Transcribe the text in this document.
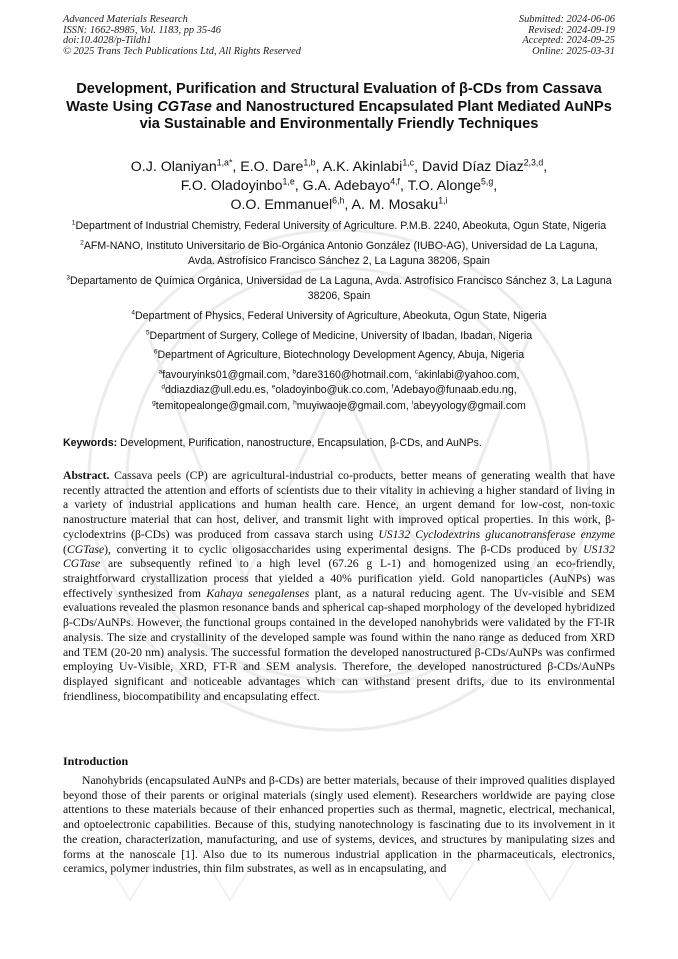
Advanced Materials Research
ISSN: 1662-8985, Vol. 1183, pp 35-46
doi:10.4028/p-Tildh1
© 2025 Trans Tech Publications Ltd, All Rights Reserved
Submitted: 2024-06-06
Revised: 2024-09-19
Accepted: 2024-09-25
Online: 2025-03-31
Development, Purification and Structural Evaluation of β-CDs from Cassava Waste Using CGTase and Nanostructured Encapsulated Plant Mediated AuNPs via Sustainable and Environmentally Friendly Techniques
O.J. Olaniyan$^{1,a*}$, E.O. Dare$^{1,b}$, A.K. Akinlabi$^{1,c}$, David Díaz Diaz$^{2,3,d}$,
F.O. Oladoyinbo$^{1,e}$, G.A. Adebayo$^{4,f}$, T.O. Alonge$^{5,g}$,
O.O. Emmanuel$^{6,h}$, A. M. Mosaku$^{1,i}$
$^1$Department of Industrial Chemistry, Federal University of Agriculture. P.M.B. 2240, Abeokuta, Ogun State, Nigeria
$^2$AFM-NANO, Instituto Universitario de Bio-Orgánica Antonio González (IUBO-AG), Universidad de La Laguna, Avda. Astrofísico Francisco Sánchez 2, La Laguna 38206, Spain
$^3$Departamento de Química Orgánica, Universidad de La Laguna, Avda. Astrofísico Francisco Sánchez 3, La Laguna 38206, Spain
$^4$Department of Physics, Federal University of Agriculture, Abeokuta, Ogun State, Nigeria
$^5$Department of Surgery, College of Medicine, University of Ibadan, Ibadan, Nigeria
$^6$Department of Agriculture, Biotechnology Development Agency, Abuja, Nigeria
$^a$favouryinks01@gmail.com, $^b$dare3160@hotmail.com, $^c$akinlabi@yahoo.com,
$^d$ddiazdiaz@ull.edu.es, $^e$oladoyinbo@uk.co.com, $^f$Adebayo@funaab.edu.ng,
$^g$temitopealonge@gmail.com, $^h$muyiwaoje@gmail.com, $^i$abeyyology@gmail.com
Keywords: Development, Purification, nanostructure, Encapsulation, β-CDs, and AuNPs.

Abstract. Cassava peels (CP) are agricultural-industrial co-products, better means of generating wealth that have recently attracted the attention and efforts of scientists due to their vitality in achieving a higher standard of living in a variety of industrial applications and human health care. Hence, an urgent demand for low-cost, non-toxic nanostructure material that can host, deliver, and transmit light with improved optical properties. In this work, β-cyclodextrins (β-CDs) was produced from cassava starch using US132 Cyclodextrins glucanotransferase enzyme (CGTase), converting it to cyclic oligosaccharides using experimental designs. The β-CDs produced by US132 CGTase are subsequently refined to a high level (67.26 g L-1) and homogenized using an eco-friendly, straightforward crystallization process that yielded a 40% purification yield. Gold nanoparticles (AuNPs) was effectively synthesized from Kahaya senegalenses plant, as a natural reducing agent. The Uv-visible and SEM evaluations revealed the plasmon resonance bands and spherical cap-shaped morphology of the developed hybridized β-CDs/AuNPs. However, the functional groups contained in the developed nanohybrids were validated by the FT-IR analysis. The size and crystallinity of the developed sample was found within the nano range as deduced from XRD and TEM (20-20 nm) analysis. The successful formation the developed nanostructured β-CDs/AuNPs was confirmed employing Uv-Visible, XRD, FT-R and SEM analysis. Therefore, the developed nanostructured β-CDs/AuNPs displayed significant and noticeable advantages which can withstand present drifts, due to its environmental friendliness, biocompatibility and encapsulating effect.

Introduction

Nanohybrids (encapsulated AuNPs and β-CDs) are better materials, because of their improved qualities displayed beyond those of their parents or original materials (singly used element). Researchers worldwide are paying close attentions to these materials because of their enhanced properties such as thermal, magnetic, electrical, mechanical, and optoelectronic capabilities. Because of this, studying nanotechnology is fascinating due to its involvement in it the creation, characterization, manufacturing, and use of systems, devices, and structures by manipulating sizes and forms at the nanoscale [1]. Also due to its numerous industrial application in the pharmaceuticals, electronics, ceramics, polymer industries, thin film substrates, as well as in encapsulating, and
